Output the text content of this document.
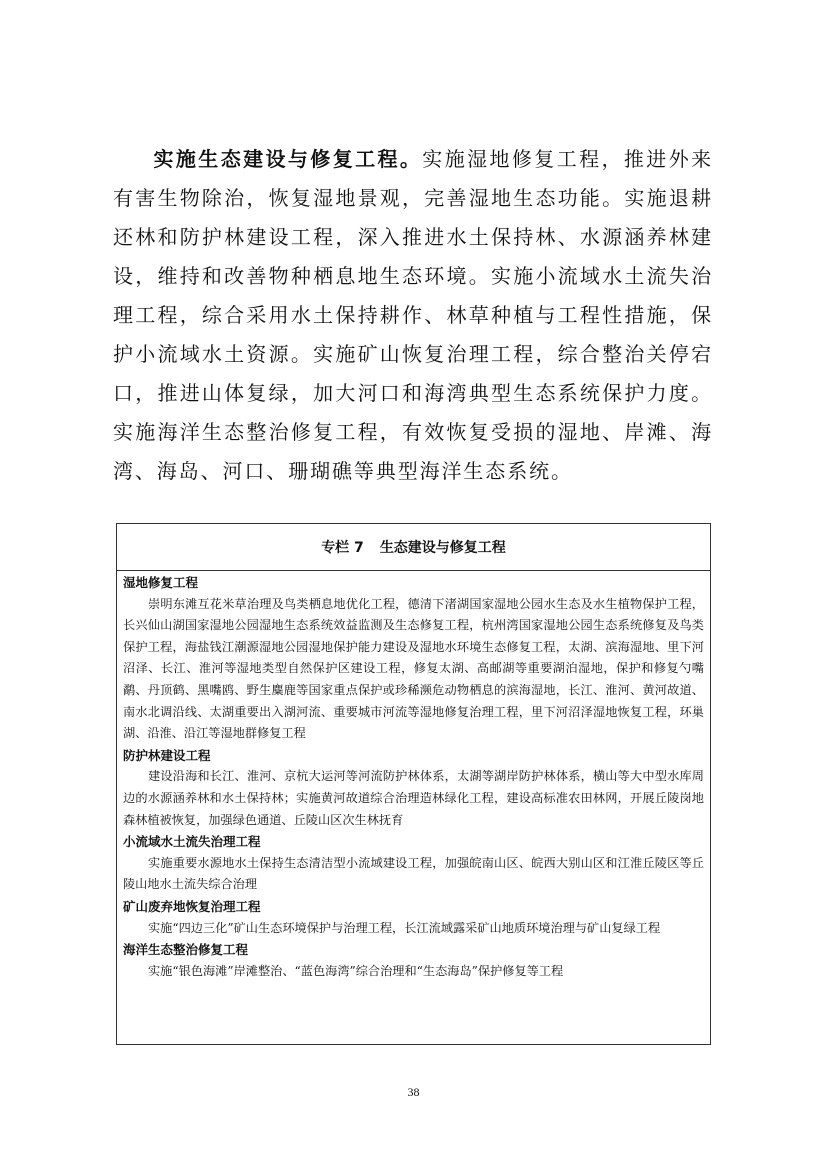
实施生态建设与修复工程。实施湿地修复工程，推进外来有害生物除治，恢复湿地景观，完善湿地生态功能。实施退耕还林和防护林建设工程，深入推进水土保持林、水源涵养林建设，维持和改善物种栖息地生态环境。实施小流域水土流失治理工程，综合采用水土保持耕作、林草种植与工程性措施，保护小流域水土资源。实施矿山恢复治理工程，综合整治关停宕口，推进山体复绿，加大河口和海湾典型生态系统保护力度。实施海洋生态整治修复工程，有效恢复受损的湿地、岸滩、海湾、海岛、河口、珊瑚礁等典型海洋生态系统。

专栏 7 生态建设与修复工程
湿地修复工程
崇明东滩互花米草治理及鸟类栖息地优化工程，德清下渚湖国家湿地公园水生态及水生植物保护工程，长兴仙山湖国家湿地公园湿地生态系统效益监测及生态修复工程，杭州湾国家湿地公园生态系统修复及鸟类保护工程，海盐钱江潮源湿地公园湿地保护能力建设及湿地水环境生态修复工程，太湖、滨海湿地、里下河沼泽、长江、淮河等湿地类型自然保护区建设工程，修复太湖、高邮湖等重要湖泊湿地，保护和修复勺嘴鹬、丹顶鹤、黑嘴鸥、野生麋鹿等国家重点保护或珍稀濒危动物栖息的滨海湿地，长江、淮河、黄河故道、南水北调沿线、太湖重要出入湖河流、重要城市河流等湿地修复治理工程，里下河沼泽湿地恢复工程，环巢湖、沿淮、沿江等湿地群修复工程
防护林建设工程
建设沿海和长江、淮河、京杭大运河等河流防护林体系，太湖等湖岸防护林体系，横山等大中型水库周边的水源涵养林和水土保持林；实施黄河故道综合治理造林绿化工程，建设高标准农田林网，开展丘陵岗地森林植被恢复，加强绿色通道、丘陵山区次生林抚育
小流域水土流失治理工程
实施重要水源地水土保持生态清洁型小流域建设工程，加强皖南山区、皖西大别山区和江淮丘陵区等丘陵山地水土流失综合治理
矿山废弃地恢复治理工程
实施“四边三化”矿山生态环境保护与治理工程，长江流域露采矿山地质环境治理与矿山复绿工程
海洋生态整治修复工程
实施“银色海滩”岸滩整治、“蓝色海湾”综合治理和“生态海岛”保护修复等工程
38
